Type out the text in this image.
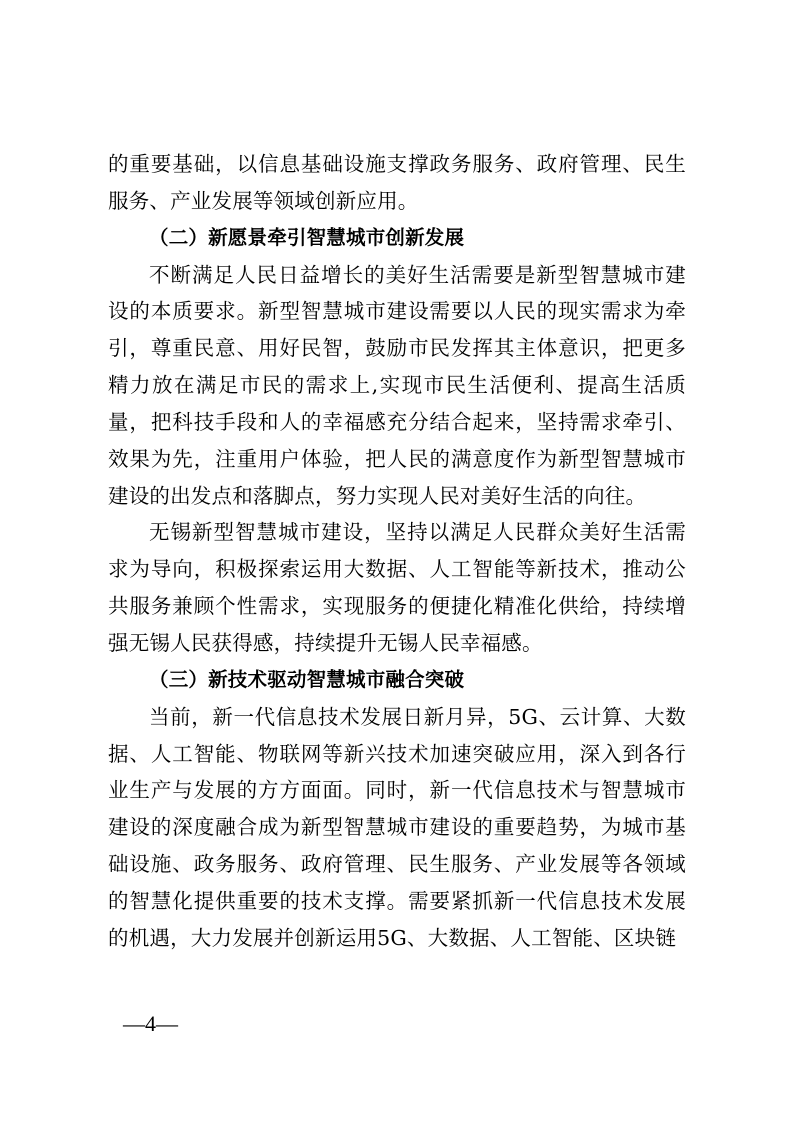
的重要基础，以信息基础设施支撑政务服务、政府管理、民生服务、产业发展等领域创新应用。

（二）新愿景牵引智慧城市创新发展

不断满足人民日益增长的美好生活需要是新型智慧城市建设的本质要求。新型智慧城市建设需要以人民的现实需求为牵引，尊重民意、用好民智，鼓励市民发挥其主体意识，把更多精力放在满足市民的需求上,实现市民生活便利、提高生活质量，把科技手段和人的幸福感充分结合起来，坚持需求牵引、效果为先，注重用户体验，把人民的满意度作为新型智慧城市建设的出发点和落脚点，努力实现人民对美好生活的向往。

无锡新型智慧城市建设，坚持以满足人民群众美好生活需求为导向，积极探索运用大数据、人工智能等新技术，推动公共服务兼顾个性需求，实现服务的便捷化精准化供给，持续增强无锡人民获得感，持续提升无锡人民幸福感。

（三）新技术驱动智慧城市融合突破

当前，新一代信息技术发展日新月异，5G、云计算、大数据、人工智能、物联网等新兴技术加速突破应用，深入到各行业生产与发展的方方面面。同时，新一代信息技术与智慧城市建设的深度融合成为新型智慧城市建设的重要趋势，为城市基础设施、政务服务、政府管理、民生服务、产业发展等各领域的智慧化提供重要的技术支撑。需要紧抓新一代信息技术发展的机遇，大力发展并创新运用5G、大数据、人工智能、区块链

—4—
